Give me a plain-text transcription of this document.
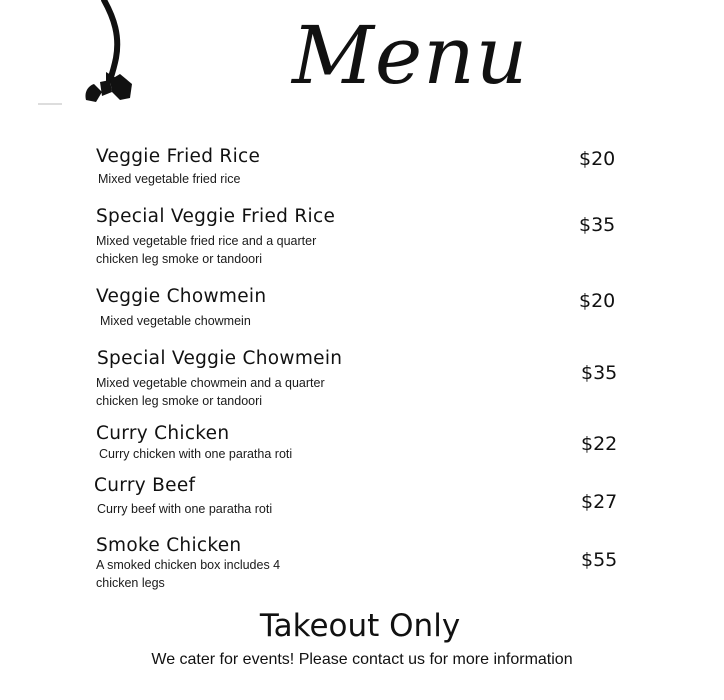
Menu
Veggie Fried Rice
Mixed vegetable fried rice
$20
Special Veggie Fried Rice
Mixed vegetable fried rice and a quarter chicken leg smoke or tandoori
$35
Veggie Chowmein
Mixed vegetable chowmein
$20
Special Veggie Chowmein
Mixed vegetable chowmein and a quarter chicken leg smoke or tandoori
$35
Curry Chicken
Curry chicken with one paratha roti	$22
Curry Beef
Curry beef with one paratha roti	$27
Smoke Chicken
A smoked chicken box includes 4 chicken legs
$55
Takeout Only
We cater for events! Please contact us for more information
